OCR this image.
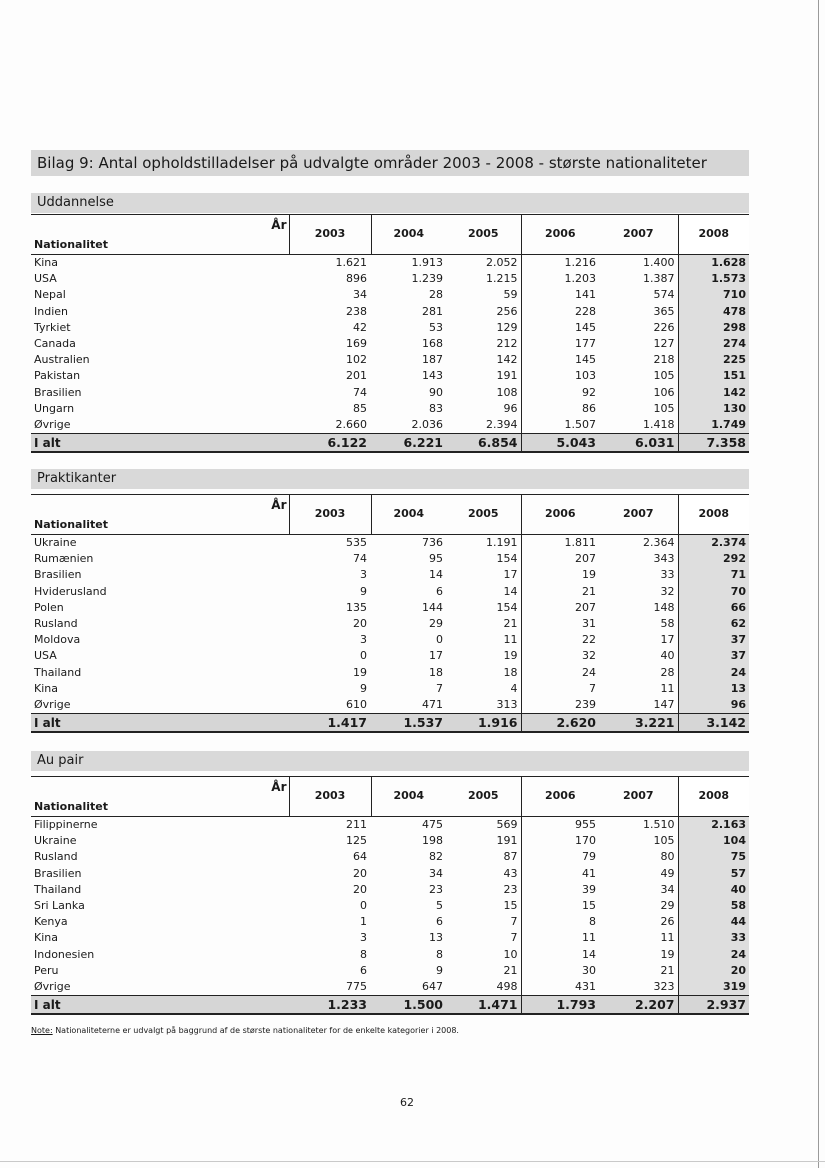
Bilag 9: Antal opholdstilladelser på udvalgte områder 2003 - 2008 - største nationaliteter
Uddannelse
Nationalitet
År	2003	2004	2005	2006	2007	2008
Kina	1.621	1.913	2.052	1.216	1.400	1.628
USA	896	1.239	1.215	1.203	1.387	1.573
Nepal	34	28	59	141	574	710
Indien	238	281	256	228	365	478
Tyrkiet	42	53	129	145	226	298
Canada	169	168	212	177	127	274
Australien	102	187	142	145	218	225
Pakistan	201	143	191	103	105	151
Brasilien	74	90	108	92	106	142
Ungarn	85	83	96	86	105	130
Øvrige	2.660	2.036	2.394	1.507	1.418	1.749
I alt	6.122	6.221	6.854	5.043	6.031	7.358
Praktikanter
Nationalitet
År	2003	2004	2005	2006	2007	2008
Ukraine	535	736	1.191	1.811	2.364	2.374
Rumænien	74	95	154	207	343	292
Brasilien	3	14	17	19	33	71
Hviderusland	9	6	14	21	32	70
Polen	135	144	154	207	148	66
Rusland	20	29	21	31	58	62
Moldova	3	0	11	22	17	37
USA	0	17	19	32	40	37
Thailand	19	18	18	24	28	24
Kina	9	7	4	7	11	13
Øvrige	610	471	313	239	147	96
I alt	1.417	1.537	1.916	2.620	3.221	3.142
Au pair
Nationalitet
År	2003	2004	2005	2006	2007	2008
Filippinerne	211	475	569	955	1.510	2.163
Ukraine	125	198	191	170	105	104
Rusland	64	82	87	79	80	75
Brasilien	20	34	43	41	49	57
Thailand	20	23	23	39	34	40
Sri Lanka	0	5	15	15	29	58
Kenya	1	6	7	8	26	44
Kina	3	13	7	11	11	33
Indonesien	8	8	10	14	19	24
Peru	6	9	21	30	21	20
Øvrige	775	647	498	431	323	319
I alt	1.233	1.500	1.471	1.793	2.207	2.937
Note: Nationaliteterne er udvalgt på baggrund af de største nationaliteter for de enkelte kategorier i 2008.
62
